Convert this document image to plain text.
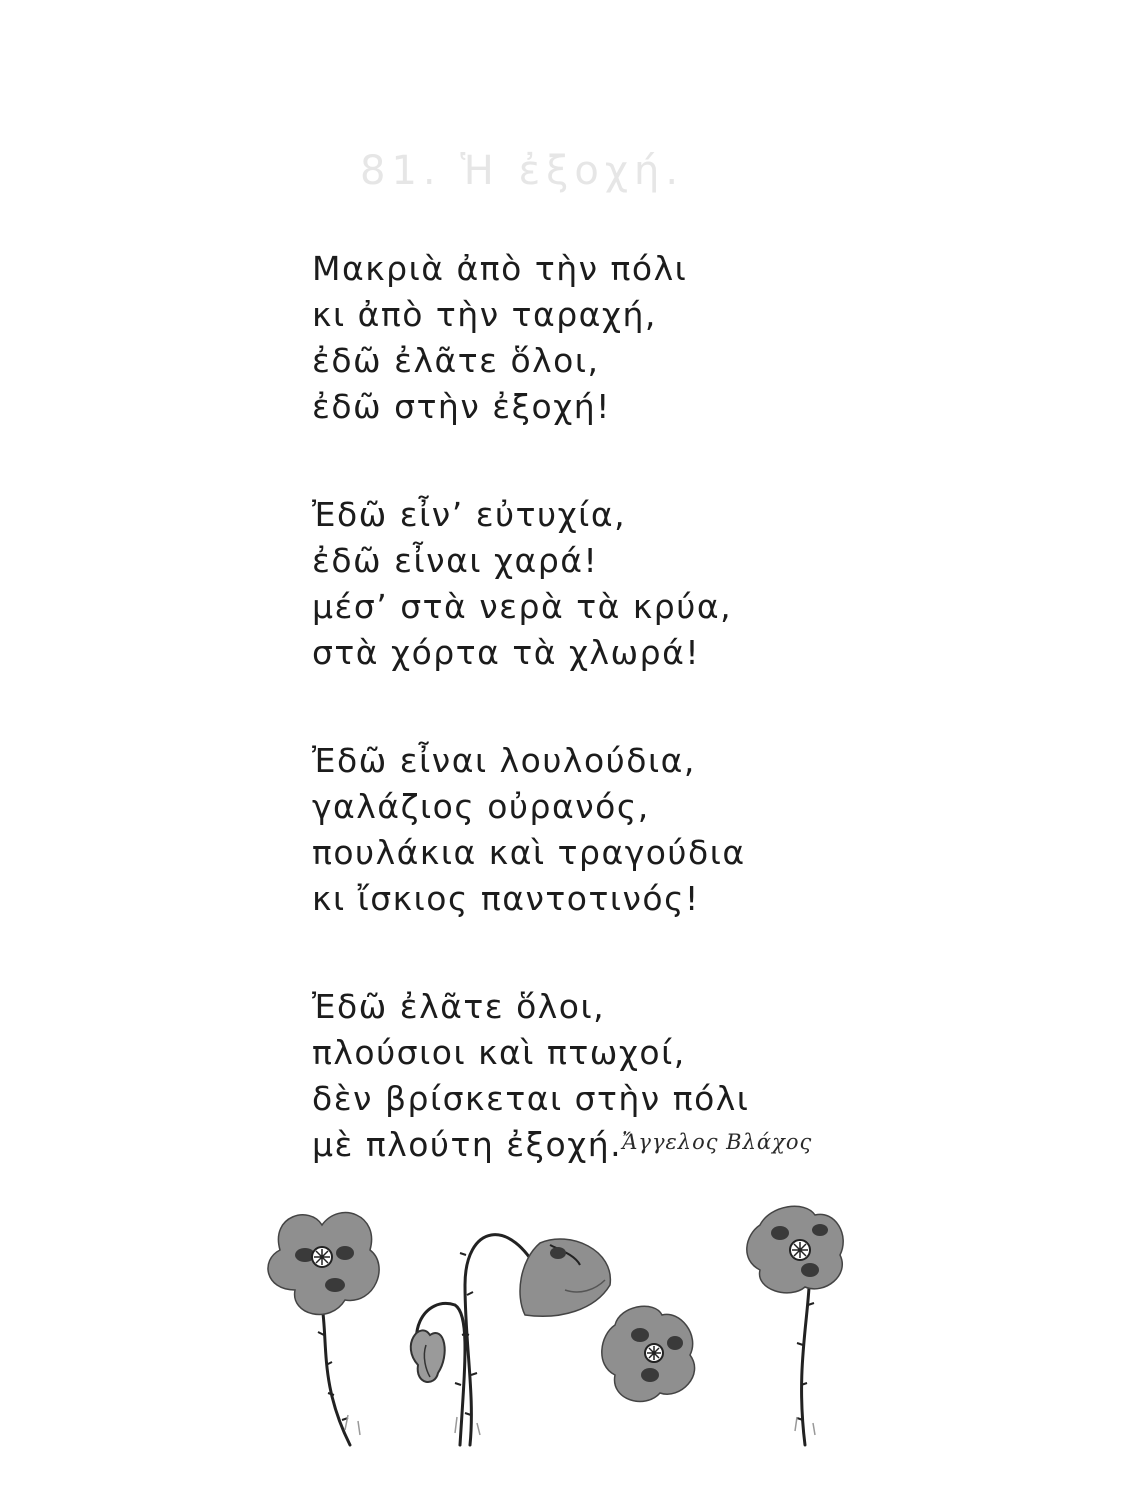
81. Ἡ ἐξοχή.
Μακριὰ ἀπὸ τὴν πόλι
κι ἀπὸ τὴν ταραχή,
ἐδῶ ἐλᾶτε ὅλοι,
ἐδῶ στὴν ἐξοχή!
Ἐδῶ εἶν’ εὐτυχία,
ἐδῶ εἶναι χαρά!
μέσ’ στὰ νερὰ τὰ κρύα,
στὰ χόρτα τὰ χλωρά!
Ἐδῶ εἶναι λουλούδια,
γαλάζιος οὐρανός,
πουλάκια καὶ τραγούδια
κι ἴσκιος παντοτινός!
Ἐδῶ ἐλᾶτε ὅλοι,
πλούσιοι καὶ πτωχοί,
δὲν βρίσκεται στὴν πόλι
μὲ πλούτη ἐξοχή. Ἄγγελος Βλάχος
